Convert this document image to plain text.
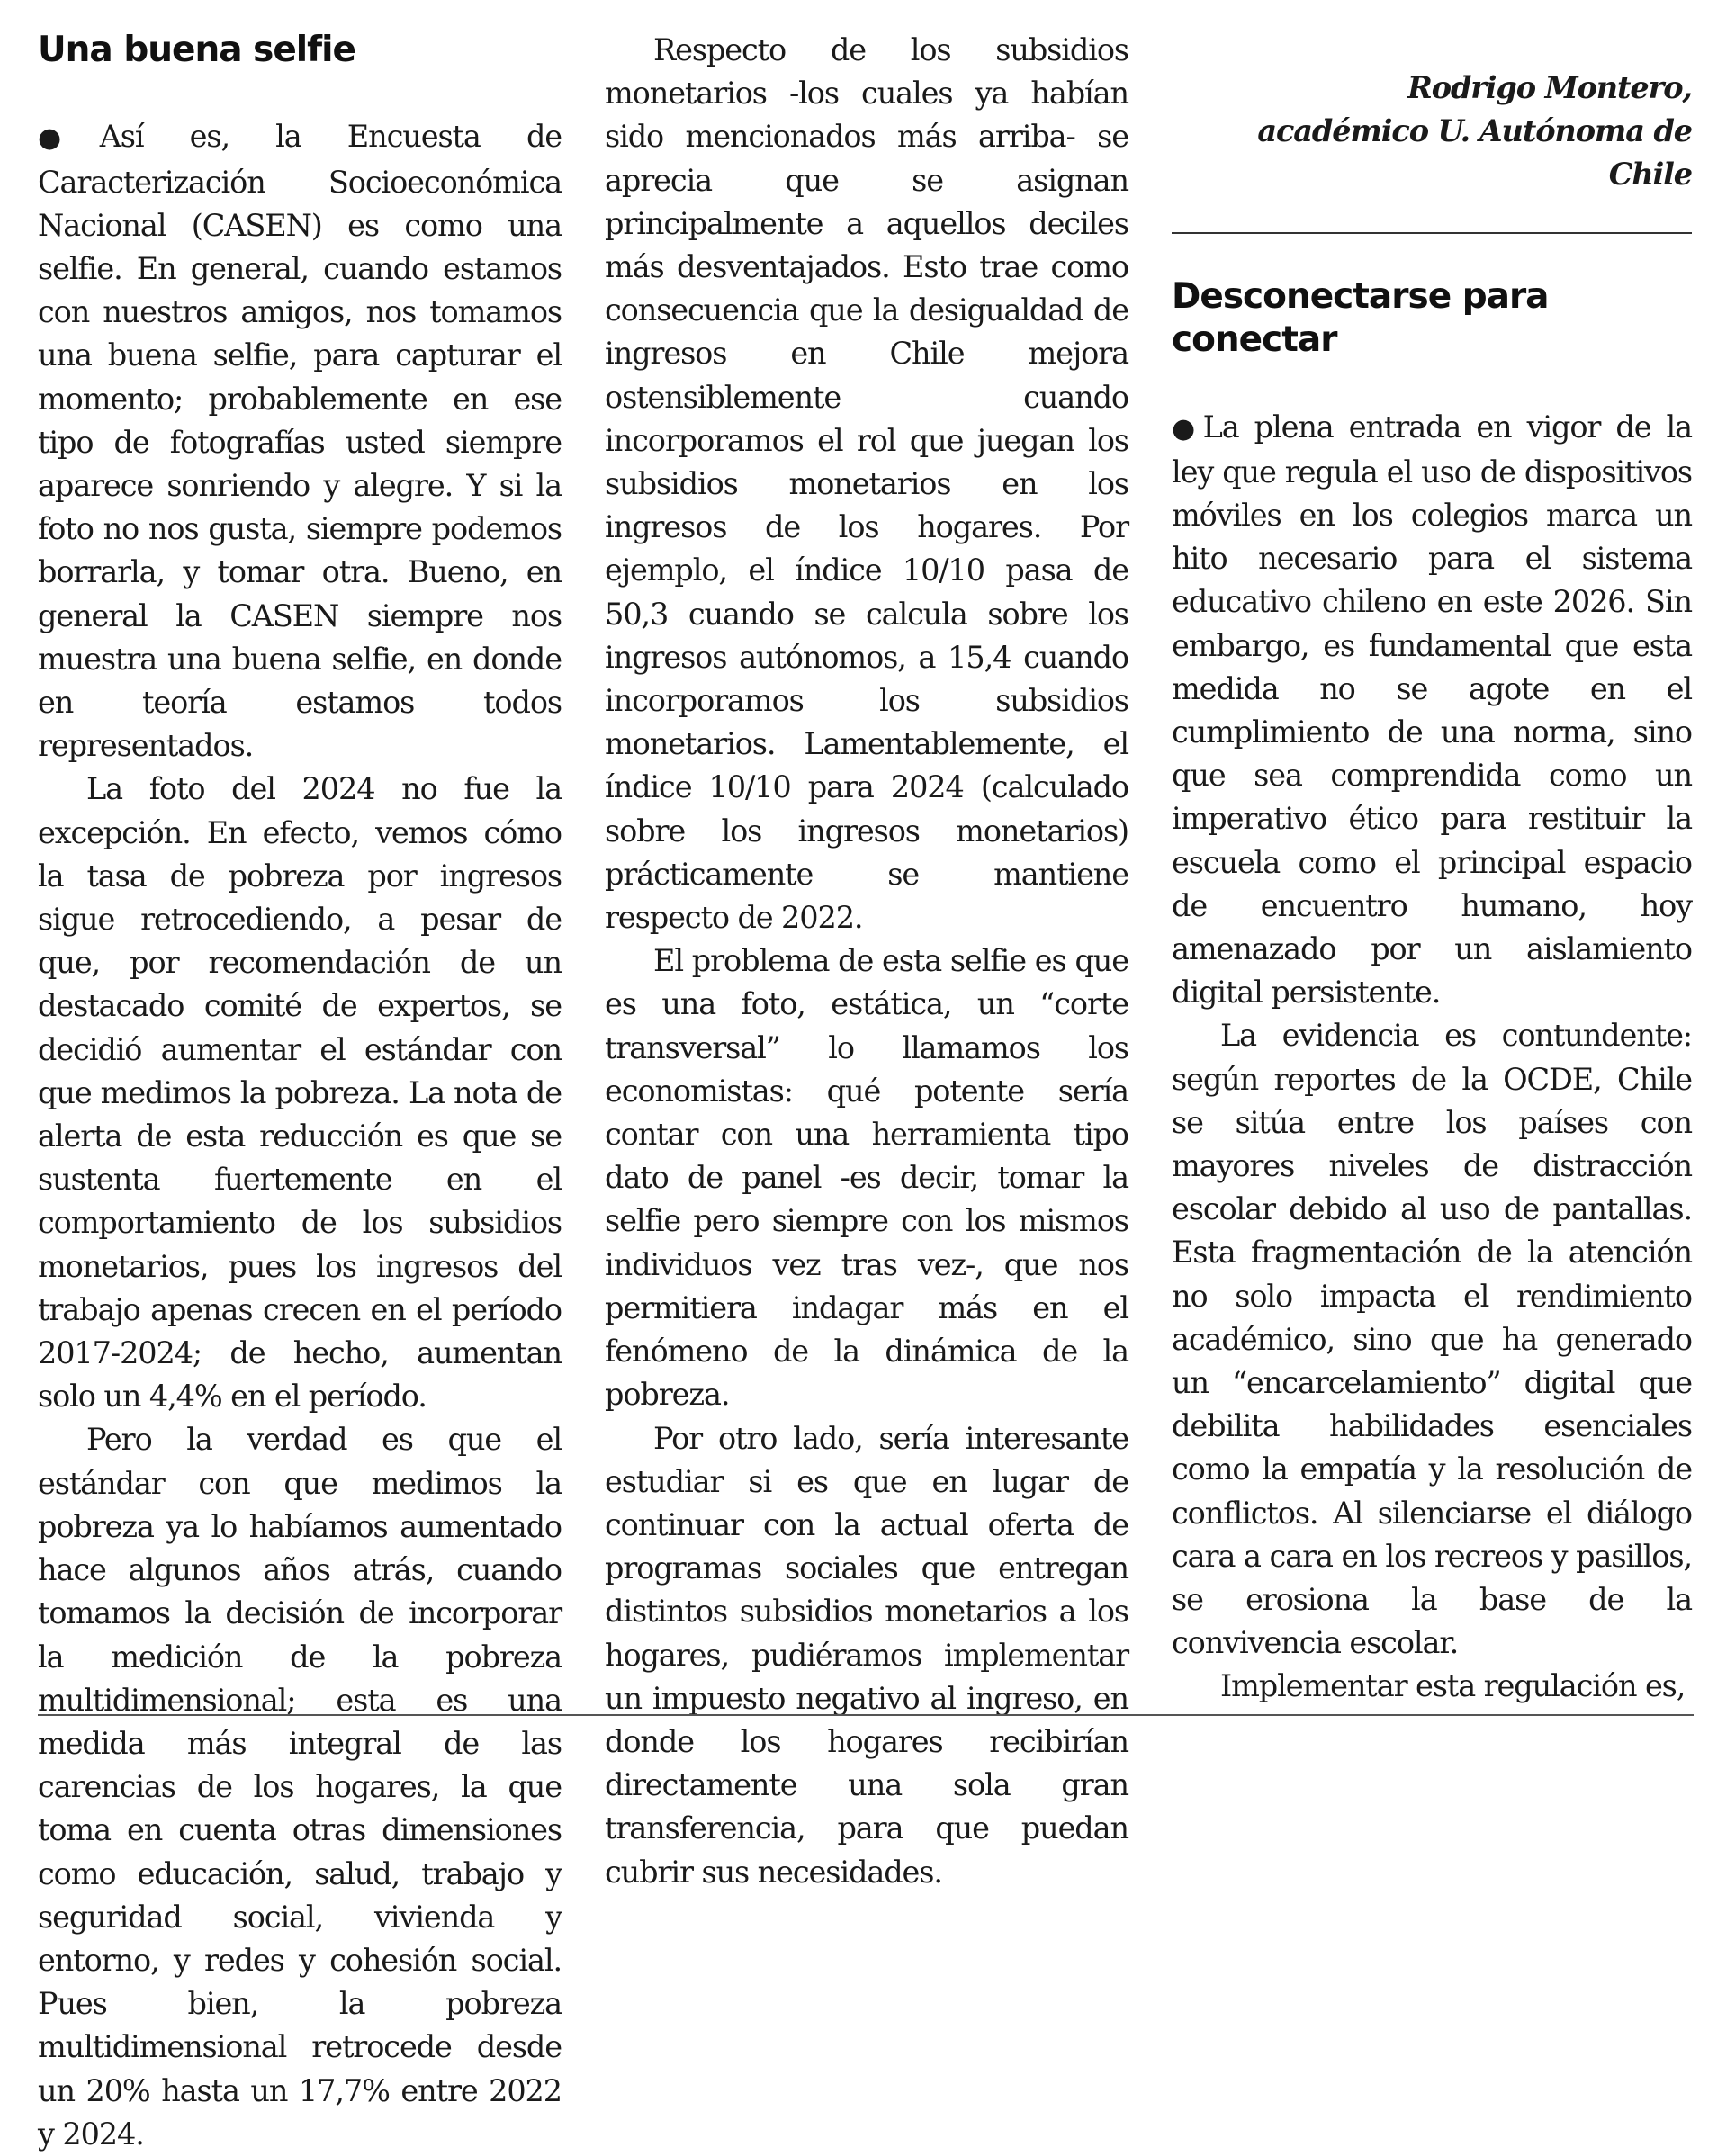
Una buena selfie

●Así es, la Encuesta de Caracterización Socioeconómica Nacional (CASEN) es como una selfie. En general, cuando estamos con nuestros amigos, nos tomamos una buena selfie, para capturar el momento; probablemente en ese tipo de fotografías usted siempre aparece sonriendo y alegre. Y si la foto no nos gusta, siempre podemos borrarla, y tomar otra. Bueno, en general la CASEN siempre nos muestra una buena selfie, en donde en teoría estamos todos representados.

La foto del 2024 no fue la excepción. En efecto, vemos cómo la tasa de pobreza por ingresos sigue retrocediendo, a pesar de que, por recomendación de un destacado comité de expertos, se decidió aumentar el estándar con que medimos la pobreza. La nota de alerta de esta reducción es que se sustenta fuertemente en el comportamiento de los subsidios monetarios, pues los ingresos del trabajo apenas crecen en el período 2017-2024; de hecho, aumentan solo un 4,4% en el período.

Pero la verdad es que el estándar con que medimos la pobreza ya lo habíamos aumentado hace algunos años atrás, cuando tomamos la decisión de incorporar la medición de la pobreza multidimensional; esta es una medida más integral de las carencias de los hogares, la que toma en cuenta otras dimensiones como educación, salud, trabajo y seguridad social, vivienda y entorno, y redes y cohesión social. Pues bien, la pobreza multidimensional retrocede desde un 20% hasta un 17,7% entre 2022 y 2024.

Respecto de los subsidios monetarios -los cuales ya habían sido mencionados más arriba- se aprecia que se asignan principalmente a aquellos deciles más desventajados. Esto trae como consecuencia que la desigualdad de ingresos en Chile mejora ostensiblemente cuando incorporamos el rol que juegan los subsidios monetarios en los ingresos de los hogares. Por ejemplo, el índice 10/10 pasa de 50,3 cuando se calcula sobre los ingresos autónomos, a 15,4 cuando incorporamos los subsidios monetarios. Lamentablemente, el índice 10/10 para 2024 (calculado sobre los ingresos monetarios) prácticamente se mantiene respecto de 2022.

El problema de esta selfie es que es una foto, estática, un “corte transversal” lo llamamos los economistas: qué potente sería contar con una herramienta tipo dato de panel -es decir, tomar la selfie pero siempre con los mismos individuos vez tras vez-, que nos permitiera indagar más en el fenómeno de la dinámica de la pobreza.

Por otro lado, sería interesante estudiar si es que en lugar de continuar con la actual oferta de programas sociales que entregan distintos subsidios monetarios a los hogares, pudiéramos implementar un impuesto negativo al ingreso, en donde los hogares recibirían directamente una sola gran transferencia, para que puedan cubrir sus necesidades.

Rodrigo Montero,
académico U. Autónoma de Chile
Desconectarse para conectar

●La plena entrada en vigor de la ley que regula el uso de dispositivos móviles en los colegios marca un hito necesario para el sistema educativo chileno en este 2026. Sin embargo, es fundamental que esta medida no se agote en el cumplimiento de una norma, sino que sea comprendida como un imperativo ético para restituir la escuela como el principal espacio de encuentro humano, hoy amenazado por un aislamiento digital persistente.

La evidencia es contundente: según reportes de la OCDE, Chile se sitúa entre los países con mayores niveles de distracción escolar debido al uso de pantallas. Esta fragmentación de la atención no solo impacta el rendimiento académico, sino que ha generado un “encarcelamiento” digital que debilita habilidades esenciales como la empatía y la resolución de conflictos. Al silenciarse el diálogo cara a cara en los recreos y pasillos, se erosiona la base de la convivencia escolar.

Implementar esta regulación es,
